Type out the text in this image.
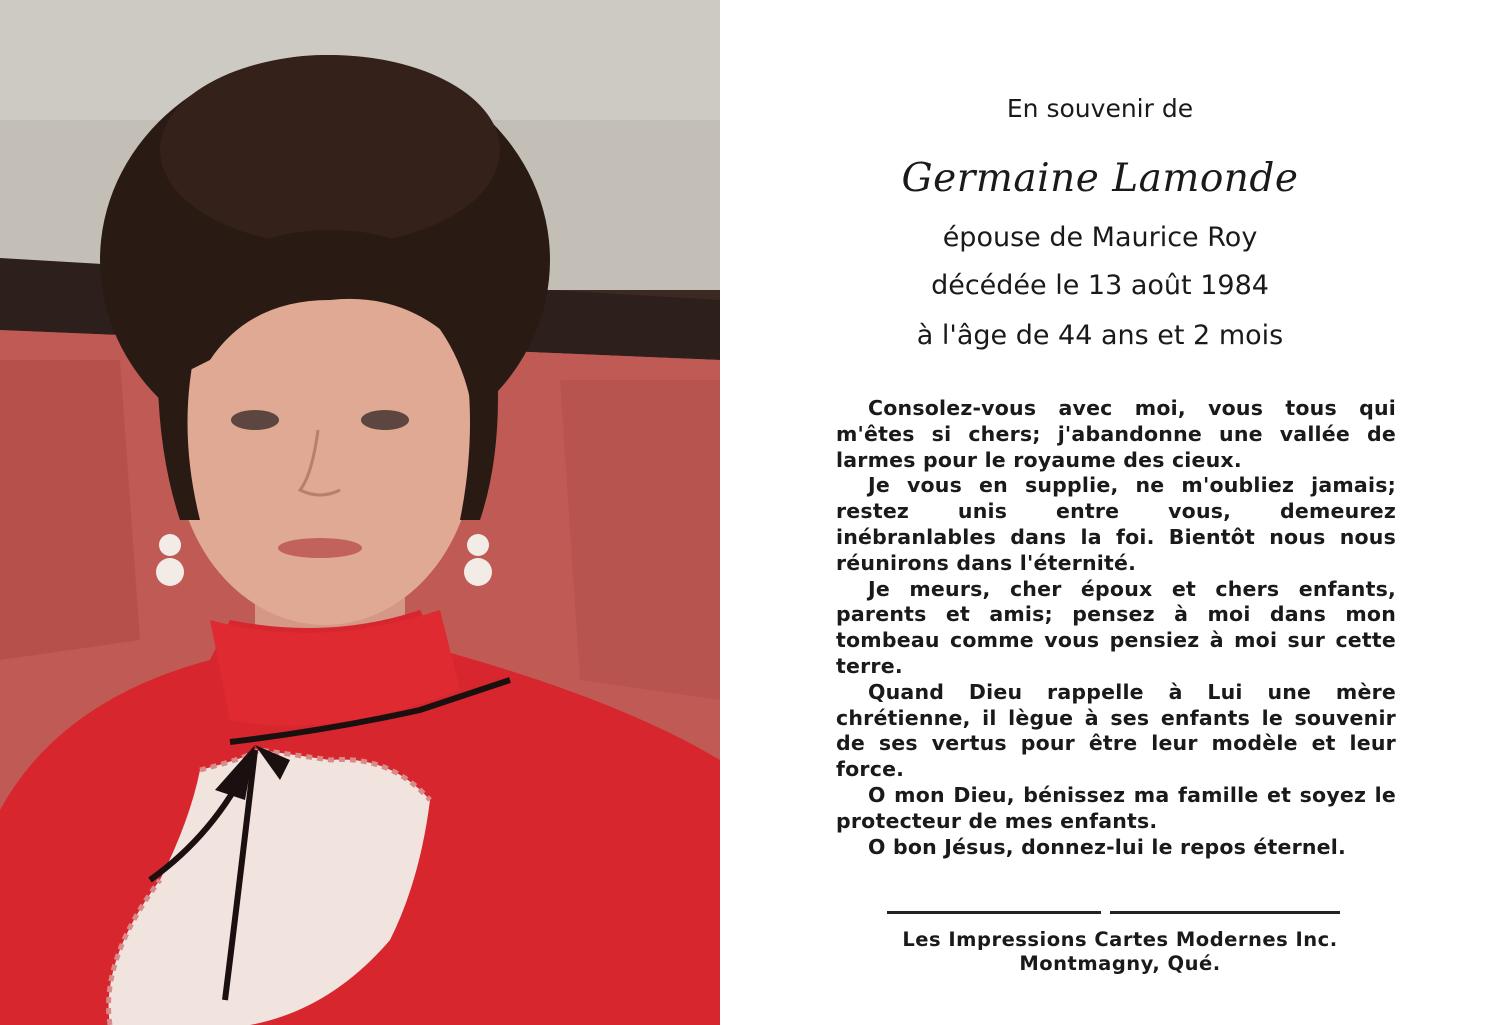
En souvenir de
Germaine Lamonde
épouse de Maurice Roy
décédée le 13 août 1984
à l'âge de 44 ans et 2 mois

Consolez-vous avec moi, vous tous qui m'êtes si chers; j'abandonne une vallée de larmes pour le royaume des cieux.

Je vous en supplie, ne m'oubliez jamais; restez unis entre vous, demeurez inébranlables dans la foi. Bientôt nous nous réunirons dans l'éternité.

Je meurs, cher époux et chers enfants, parents et amis; pensez à moi dans mon tombeau comme vous pensiez à moi sur cette terre.

Quand Dieu rappelle à Lui une mère chrétienne, il lègue à ses enfants le souvenir de ses vertus pour être leur modèle et leur force.

O mon Dieu, bénissez ma famille et soyez le protecteur de mes enfants.

O bon Jésus, donnez-lui le repos éternel.

Les Impressions Cartes Modernes Inc.
Montmagny, Qué.
